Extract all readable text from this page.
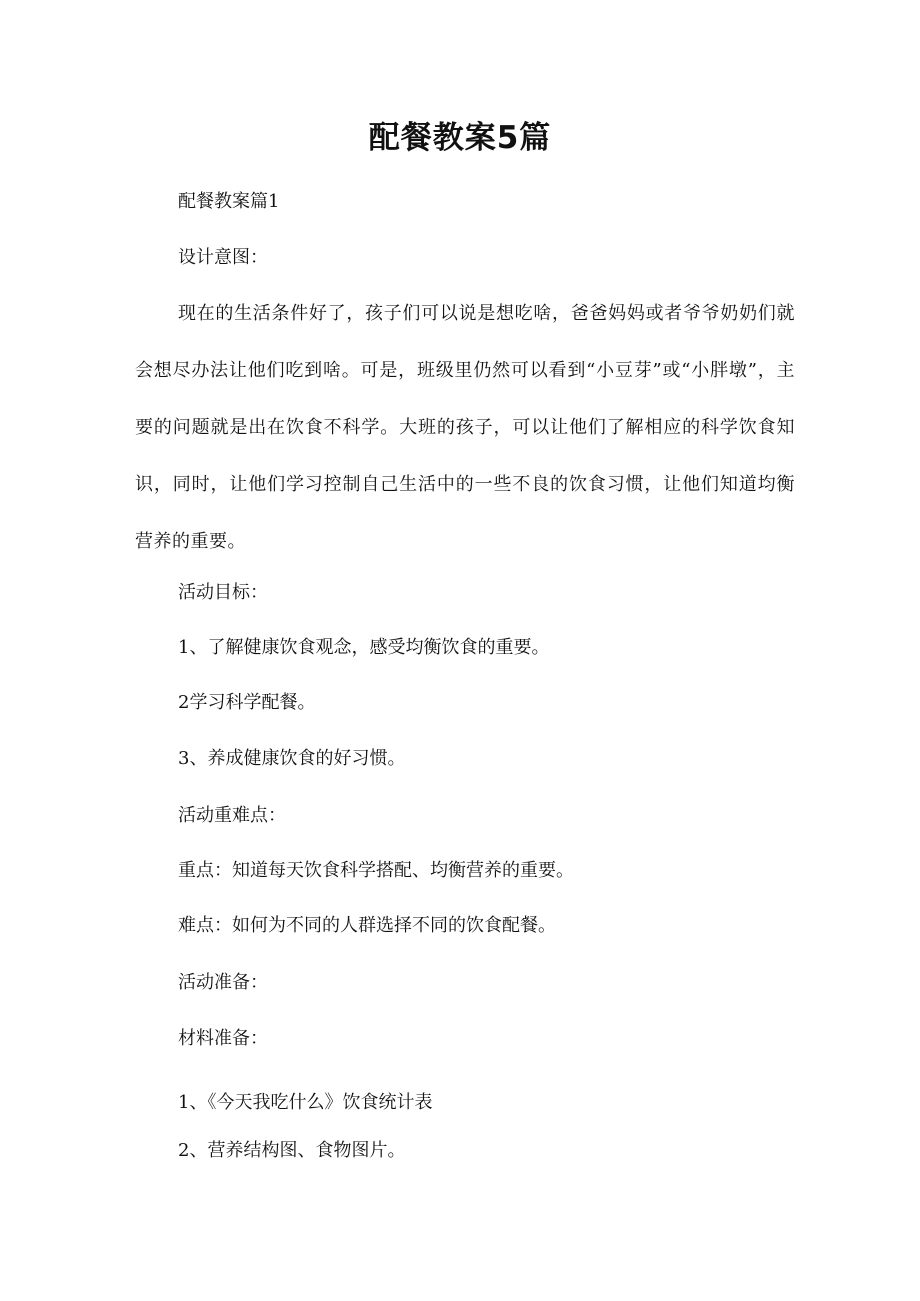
配餐教案5篇

配餐教案篇1

设计意图：

现在的生活条件好了，孩子们可以说是想吃啥，爸爸妈妈或者爷爷奶奶们就会想尽办法让他们吃到啥。可是，班级里仍然可以看到“小豆芽”或“小胖墩”，主要的问题就是出在饮食不科学。大班的孩子，可以让他们了解相应的科学饮食知识，同时，让他们学习控制自己生活中的一些不良的饮食习惯，让他们知道均衡营养的重要。

活动目标：

1、了解健康饮食观念，感受均衡饮食的重要。

2学习科学配餐。

3、养成健康饮食的好习惯。

活动重难点：

重点：知道每天饮食科学搭配、均衡营养的重要。

难点：如何为不同的人群选择不同的饮食配餐。

活动准备：

材料准备：

1、《今天我吃什么》饮食统计表

2、营养结构图、食物图片。
